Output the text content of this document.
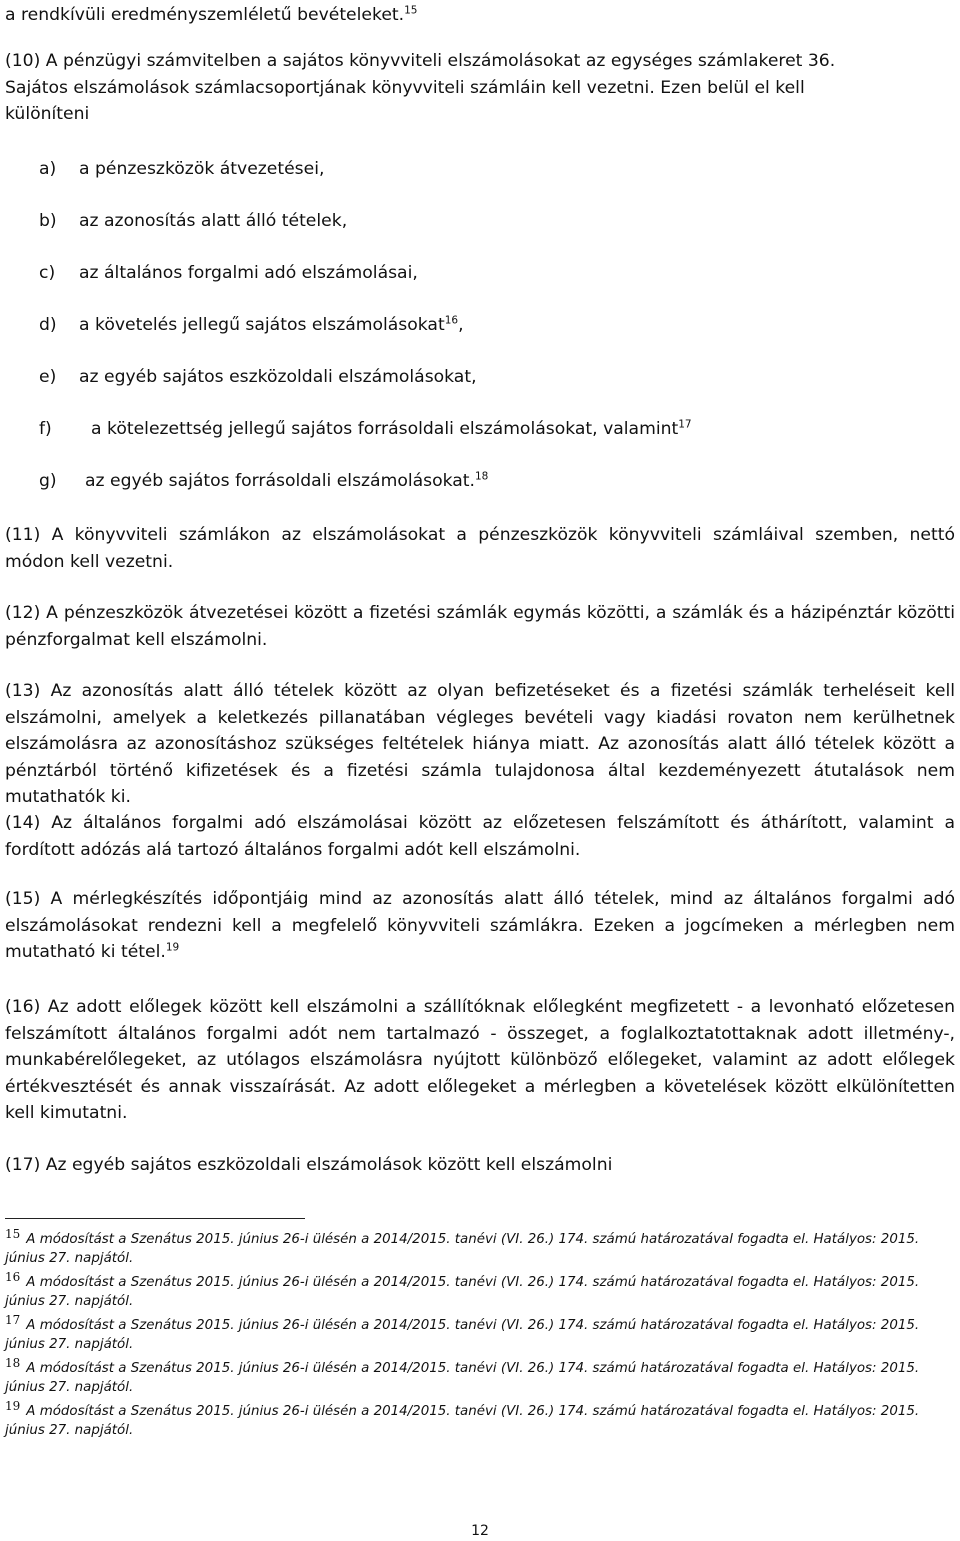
a rendkívüli eredményszemléletű bevételeket.$^{15}$
(10) A pénzügyi számvitelben a sajátos könyvviteli elszámolásokat az egységes számlakeret 36.
Sajátos elszámolások számlacsoportjának könyvviteli számláin kell vezetni. Ezen belül el kell
különíteni
a) a pénzeszközök átvezetései,
b) az azonosítás alatt álló tételek,
c) az általános forgalmi adó elszámolásai,
d) a követelés jellegű sajátos elszámolásokat$^{16}$,
e) az egyéb sajátos eszközoldali elszámolásokat,
f) a kötelezettség jellegű sajátos forrásoldali elszámolásokat, valamint$^{17}$
g) az egyéb sajátos forrásoldali elszámolásokat.$^{18}$
(11) A könyvviteli számlákon az elszámolásokat a pénzeszközök könyvviteli számláival szemben, nettó módon kell vezetni.
(12) A pénzeszközök átvezetései között a fizetési számlák egymás közötti, a számlák és a házipénztár közötti pénzforgalmat kell elszámolni.
(13) Az azonosítás alatt álló tételek között az olyan befizetéseket és a fizetési számlák terheléseit kell elszámolni, amelyek a keletkezés pillanatában végleges bevételi vagy kiadási rovaton nem kerülhetnek elszámolásra az azonosításhoz szükséges feltételek hiánya miatt. Az azonosítás alatt álló tételek között a pénztárból történő kifizetések és a fizetési számla tulajdonosa által kezdeményezett átutalások nem mutathatók ki.
(14) Az általános forgalmi adó elszámolásai között az előzetesen felszámított és áthárított, valamint a fordított adózás alá tartozó általános forgalmi adót kell elszámolni.
(15) A mérlegkészítés időpontjáig mind az azonosítás alatt álló tételek, mind az általános forgalmi adó elszámolásokat rendezni kell a megfelelő könyvviteli számlákra. Ezeken a jogcímeken a mérlegben nem mutatható ki tétel.$^{19}$
(16) Az adott előlegek között kell elszámolni a szállítóknak előlegként megfizetett - a levonható előzetesen felszámított általános forgalmi adót nem tartalmazó - összeget, a foglalkoztatottaknak adott illetmény-, munkabérelőlegeket, az utólagos elszámolásra nyújtott különböző előlegeket, valamint az adott előlegek értékvesztését és annak visszaírását. Az adott előlegeket a mérlegben a követelések között elkülönítetten kell kimutatni.
(17) Az egyéb sajátos eszközoldali elszámolások között kell elszámolni
15 A módosítást a Szenátus 2015. június 26-i ülésén a 2014/2015. tanévi (VI. 26.) 174. számú határozatával fogadta el. Hatályos: 2015. június 27. napjától.
16 A módosítást a Szenátus 2015. június 26-i ülésén a 2014/2015. tanévi (VI. 26.) 174. számú határozatával fogadta el. Hatályos: 2015. június 27. napjától.
17 A módosítást a Szenátus 2015. június 26-i ülésén a 2014/2015. tanévi (VI. 26.) 174. számú határozatával fogadta el. Hatályos: 2015. június 27. napjától.
18 A módosítást a Szenátus 2015. június 26-i ülésén a 2014/2015. tanévi (VI. 26.) 174. számú határozatával fogadta el. Hatályos: 2015. június 27. napjától.
19 A módosítást a Szenátus 2015. június 26-i ülésén a 2014/2015. tanévi (VI. 26.) 174. számú határozatával fogadta el. Hatályos: 2015. június 27. napjától.
12
